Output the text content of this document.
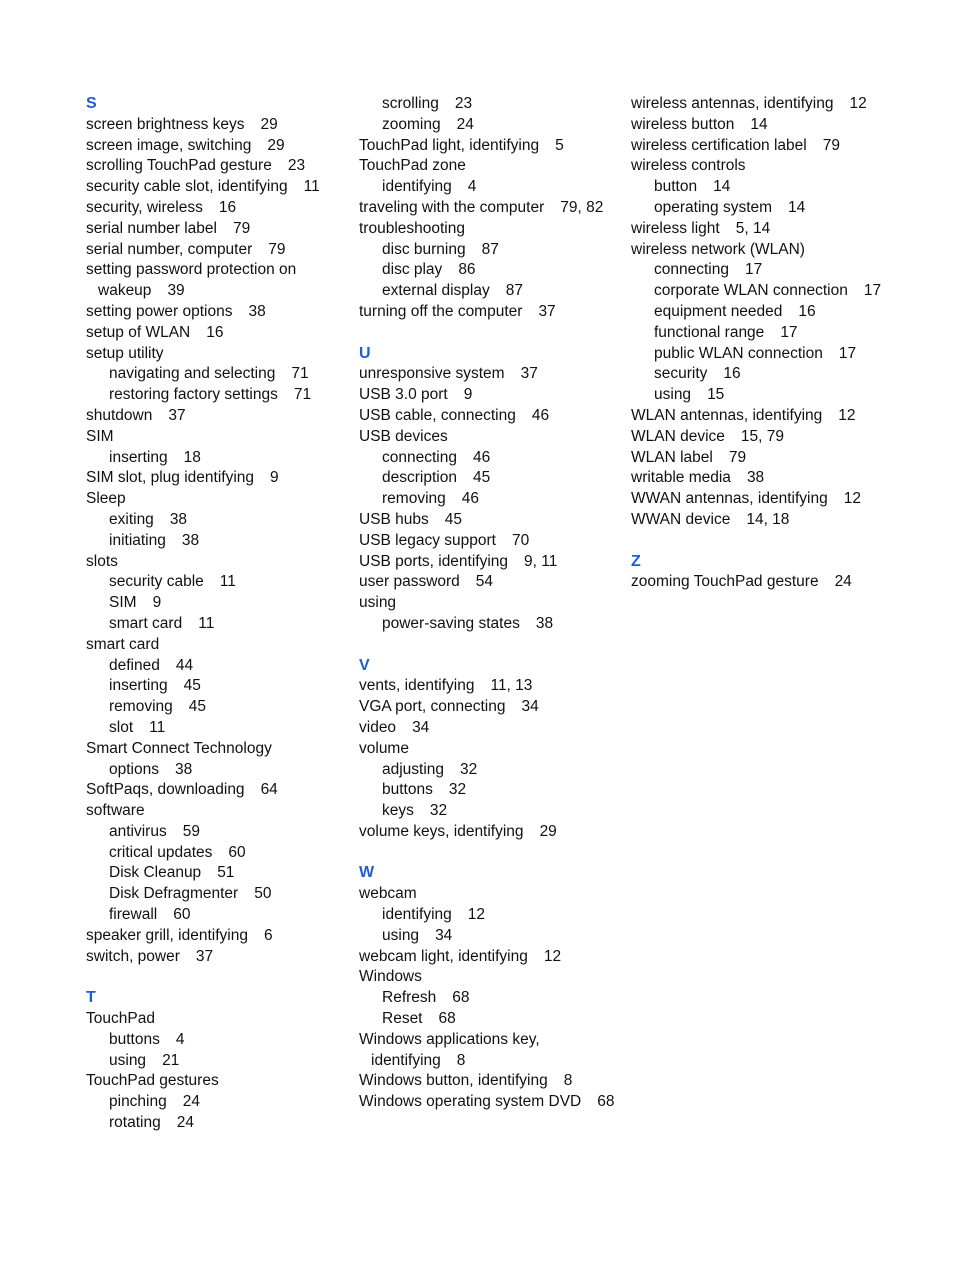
S
screen brightness keys 29
screen image, switching 29
scrolling TouchPad gesture 23
security cable slot, identifying 11
security, wireless 16
serial number label 79
serial number, computer 79
setting password protection on wakeup 39
setting power options 38
setup of WLAN 16
setup utility
navigating and selecting 71
restoring factory settings 71
shutdown 37
SIM
inserting 18
SIM slot, plug identifying 9
Sleep
exiting 38
initiating 38
slots
security cable 11
SIM 9
smart card 11
smart card
defined 44
inserting 45
removing 45
slot 11
Smart Connect Technology
options 38
SoftPaqs, downloading 64
software
antivirus 59
critical updates 60
Disk Cleanup 51
Disk Defragmenter 50
firewall 60
speaker grill, identifying 6
switch, power 37
T
TouchPad
buttons 4
using 21
TouchPad gestures
pinching 24
rotating 24
scrolling 23
zooming 24
TouchPad light, identifying 5
TouchPad zone
identifying 4
traveling with the computer 79, 82
troubleshooting
disc burning 87
disc play 86
external display 87
turning off the computer 37
U
unresponsive system 37
USB 3.0 port 9
USB cable, connecting 46
USB devices
connecting 46
description 45
removing 46
USB hubs 45
USB legacy support 70
USB ports, identifying 9, 11
user password 54
using
power-saving states 38
V
vents, identifying 11, 13
VGA port, connecting 34
video 34
volume
adjusting 32
buttons 32
keys 32
volume keys, identifying 29
W
webcam
identifying 12
using 34
webcam light, identifying 12
Windows
Refresh 68
Reset 68
Windows applications key, identifying 8
Windows button, identifying 8
Windows operating system DVD 68
wireless antennas, identifying 12
wireless button 14
wireless certification label 79
wireless controls
button 14
operating system 14
wireless light 5, 14
wireless network (WLAN)
connecting 17
corporate WLAN connection 17
equipment needed 16
functional range 17
public WLAN connection 17
security 16
using 15
WLAN antennas, identifying 12
WLAN device 15, 79
WLAN label 79
writable media 38
WWAN antennas, identifying 12
WWAN device 14, 18
Z
zooming TouchPad gesture 24
